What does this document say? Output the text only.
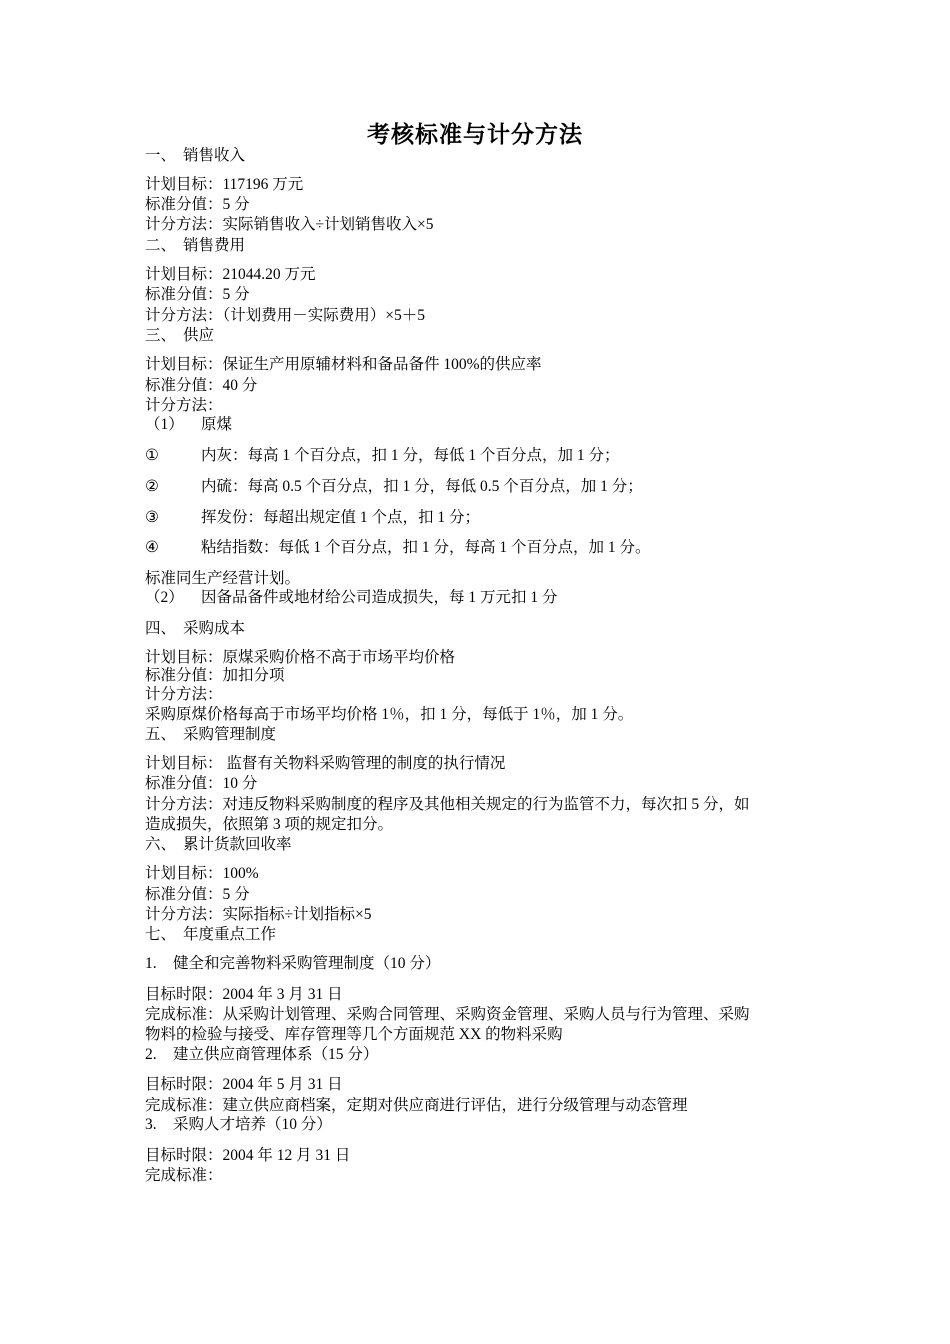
考核标准与计分方法
一、 销售收入
计划目标：117196 万元
标准分值：5 分
计分方法：实际销售收入÷计划销售收入×5
二、 销售费用
计划目标：21044.20 万元
标准分值：5 分
计分方法：（计划费用－实际费用）×5＋5
三、 供应
计划目标：保证生产用原辅材料和备品备件 100%的供应率
标准分值：40 分
计分方法：
（1） 原煤
①	内灰：每高 1 个百分点，扣 1 分，每低 1 个百分点，加 1 分；
②	内硫：每高 0.5 个百分点，扣 1 分，每低 0.5 个百分点，加 1 分；
③	挥发份：每超出规定值 1 个点，扣 1 分；
④	粘结指数：每低 1 个百分点，扣 1 分，每高 1 个百分点，加 1 分。
标准同生产经营计划。
（2） 因备品备件或地材给公司造成损失，每 1 万元扣 1 分
四、 采购成本
计划目标：原煤采购价格不高于市场平均价格
标准分值：加扣分项
计分方法：
采购原煤价格每高于市场平均价格 1％，扣 1 分，每低于 1％，加 1 分。
五、 采购管理制度
计划目标： 监督有关物料采购管理的制度的执行情况
标准分值：10 分
计分方法：对违反物料采购制度的程序及其他相关规定的行为监管不力，每次扣 5 分，如
造成损失，依照第 3 项的规定扣分。
六、 累计货款回收率
计划目标：100%
标准分值：5 分
计分方法：实际指标÷计划指标×5
七、 年度重点工作
1. 健全和完善物料采购管理制度（10 分）
目标时限：2004 年 3 月 31 日
完成标准：从采购计划管理、采购合同管理、采购资金管理、采购人员与行为管理、采购
物料的检验与接受、库存管理等几个方面规范 XX 的物料采购
2. 建立供应商管理体系（15 分）
目标时限：2004 年 5 月 31 日
完成标准：建立供应商档案，定期对供应商进行评估，进行分级管理与动态管理
3. 采购人才培养（10 分）
目标时限：2004 年 12 月 31 日
完成标准：
